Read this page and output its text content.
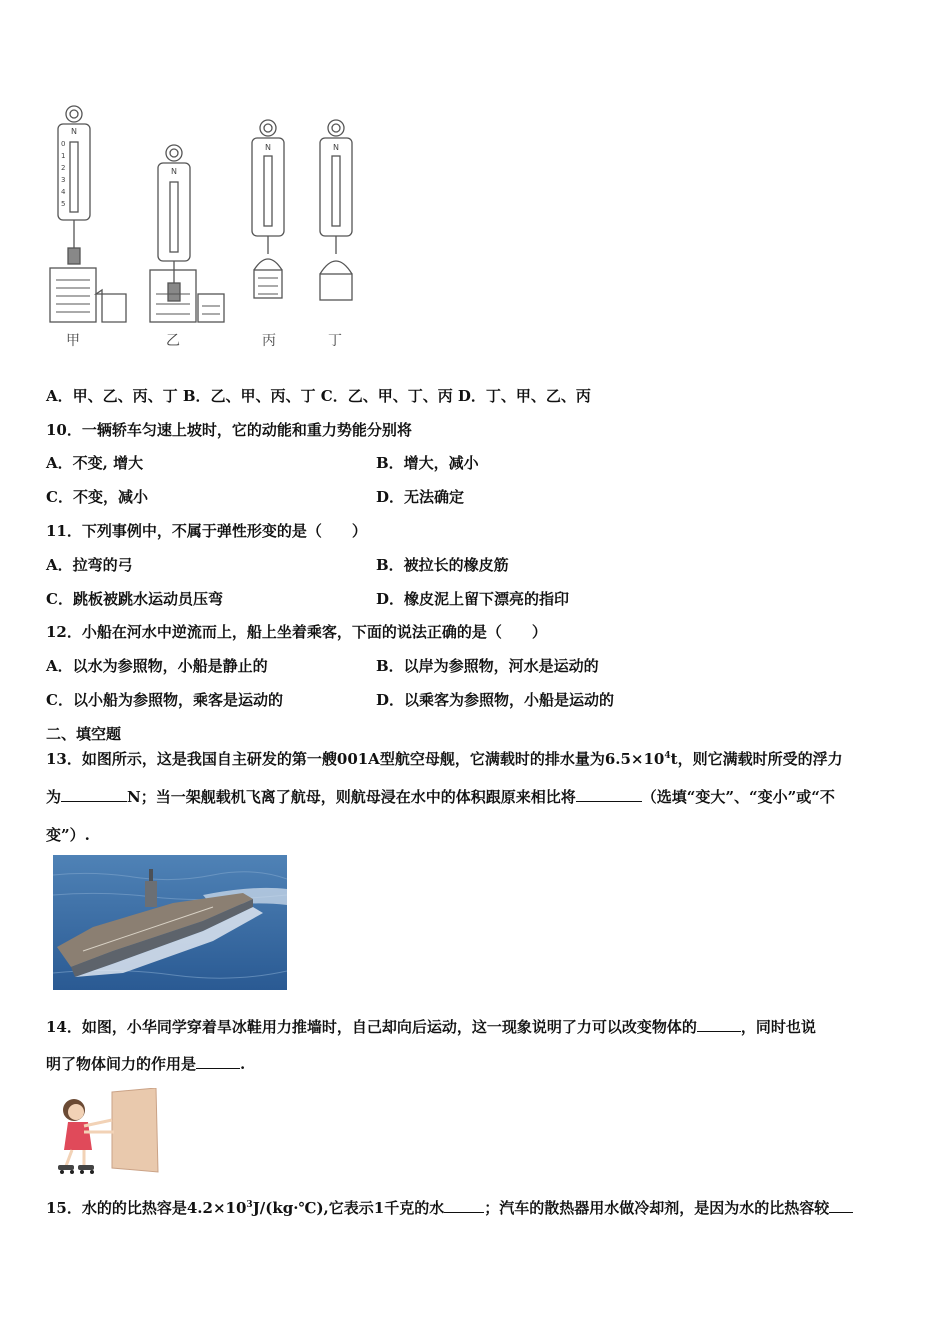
N
N
N	N
0
1
2
3
4
5
甲	乙	丙	丁
A．甲、乙、丙、丁 B．乙、甲、丙、丁 C．乙、甲、丁、丙 D．丁、甲、乙、丙
10．一辆轿车匀速上坡时，它的动能和重力势能分别将
A．不变, 增大	B．增大，减小
C．不变，减小	D．无法确定
11．下列事例中，不属于弹性形变的是（　　）
A．拉弯的弓	B．被拉长的橡皮筋
C．跳板被跳水运动员压弯	D．橡皮泥上留下漂亮的指印
12．小船在河水中逆流而上，船上坐着乘客，下面的说法正确的是（　　）
A．以水为参照物，小船是静止的	B．以岸为参照物，河水是运动的
C．以小船为参照物，乘客是运动的	D．以乘客为参照物，小船是运动的
二、填空题
13．如图所示，这是我国自主研发的第一艘001A型航空母舰，它满载时的排水量为$6.5\times 10^4t$，则它满载时所受的浮力
为	N；当一架舰载机飞离了航母，则航母浸在水中的体积跟原来相比将	（选填“变大”、“变小”或“不
变”）.
14．如图，小华同学穿着旱冰鞋用力推墙时，自己却向后运动，这一现象说明了力可以改变物体的	，同时也说
明了物体间力的作用是	.
15．水的的比热容是$4.2\times 10^3J/(kg\cdot℃)$,它表示1千克的水	；汽车的散热器用水做冷却剂，是因为水的比热容较
